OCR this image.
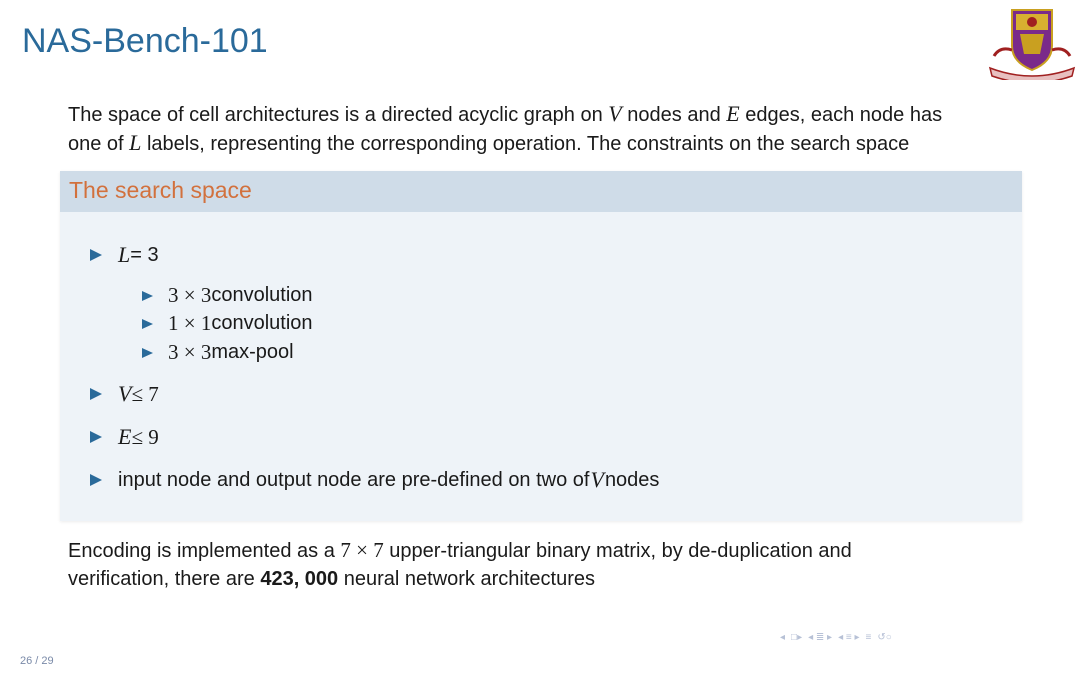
NAS-Bench-101
The space of cell architectures is a directed acyclic graph on V nodes and E edges, each node has
one of L labels, representing the corresponding operation. The constraints on the search space
The search space
L = 3
3 × 3 convolution
1 × 1 convolution
3 × 3 max-pool
V ≤ 7
E ≤ 9
input node and output node are pre-defined on two of V nodes
Encoding is implemented as a 7 × 7 upper-triangular binary matrix, by de-duplication and
verification, there are 423, 000 neural network architectures
◂ □▸ ◂ ≣ ▸ ◂ ≡ ▸ ≡ ↺○
26 / 29
